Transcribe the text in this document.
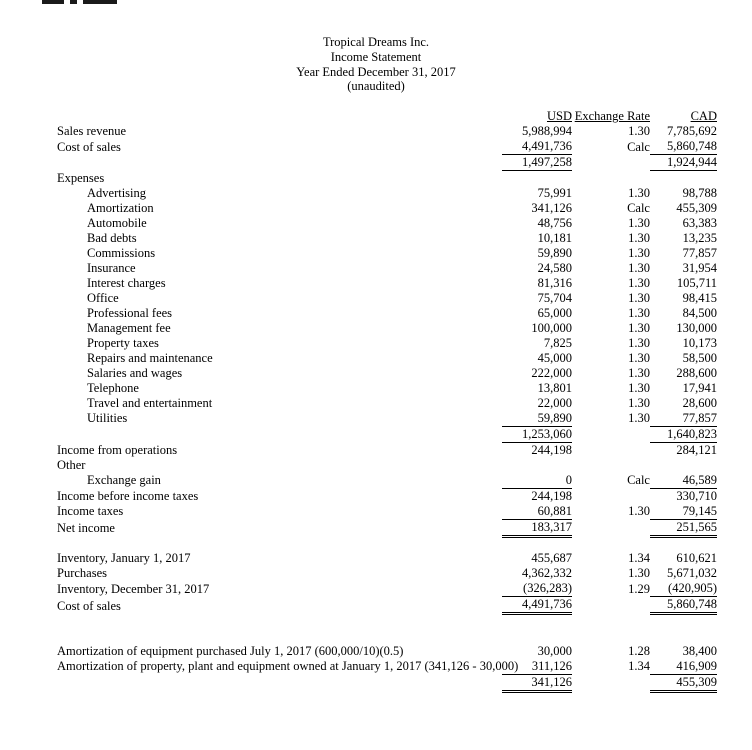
Tropical Dreams Inc.
Income Statement
Year Ended December 31, 2017
(unaudited)
	USD	Exchange Rate	CAD
Sales revenue	5,988,994	1.30	7,785,692
Cost of sales	4,491,736	Calc	5,860,748
	1,497,258		1,924,944
Expenses			
Advertising	75,991	1.30	98,788
Amortization	341,126	Calc	455,309
Automobile	48,756	1.30	63,383
Bad debts	10,181	1.30	13,235
Commissions	59,890	1.30	77,857
Insurance	24,580	1.30	31,954
Interest charges	81,316	1.30	105,711
Office	75,704	1.30	98,415
Professional fees	65,000	1.30	84,500
Management fee	100,000	1.30	130,000
Property taxes	7,825	1.30	10,173
Repairs and maintenance	45,000	1.30	58,500
Salaries and wages	222,000	1.30	288,600
Telephone	13,801	1.30	17,941
Travel and entertainment	22,000	1.30	28,600
Utilities	59,890	1.30	77,857
	1,253,060		1,640,823
Income from operations	244,198		284,121
Other			
Exchange gain	0	Calc	46,589
Income before income taxes	244,198		330,710
Income taxes	60,881	1.30	79,145
Net income	183,317		251,565

Inventory, January 1, 2017	455,687	1.34	610,621
Purchases	4,362,332	1.30	5,671,032
Inventory, December 31, 2017	(326,283)	1.29	(420,905)
Cost of sales	4,491,736		5,860,748

Amortization of equipment purchased July 1, 2017 (600,000/10)(0.5)	30,000	1.28	38,400
Amortization of property, plant and equipment owned at January 1, 2017 (341,126 - 30,000)	311,126	1.34	416,909
	341,126		455,309
